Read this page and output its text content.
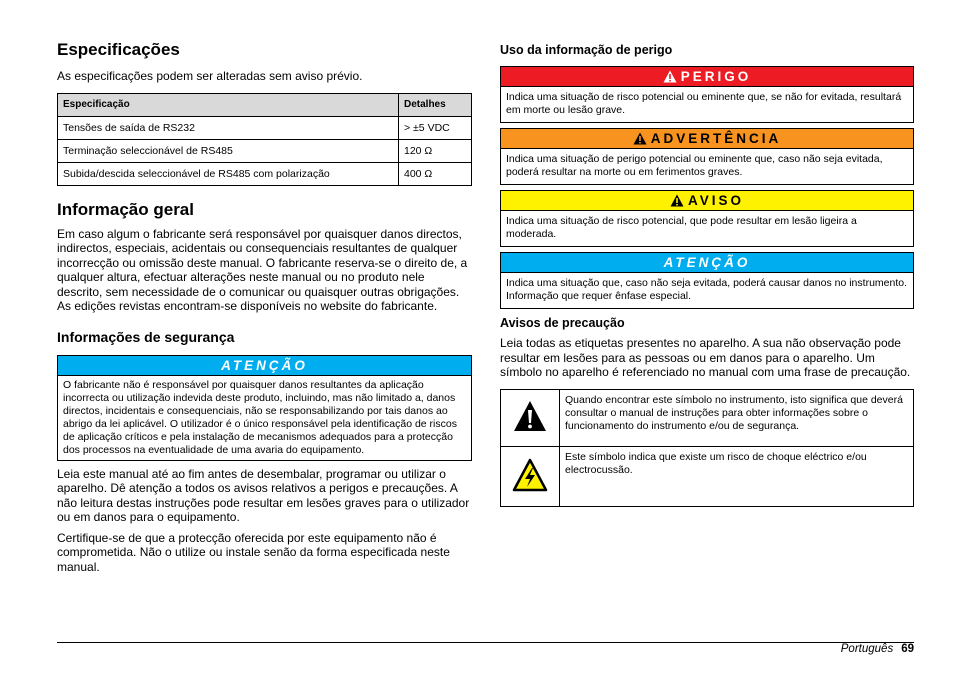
Especificações

As especificações podem ser alteradas sem aviso prévio.

Especificação	Detalhes
Tensões de saída de RS232	> ±5 VDC
Terminação seleccionável de RS485	120 Ω
Subida/descida seleccionável de RS485 com polarização	400 Ω
Informação geral

Em caso algum o fabricante será responsável por quaisquer danos directos, indirectos, especiais, acidentais ou consequenciais resultantes de qualquer incorrecção ou omissão deste manual. O fabricante reserva-se o direito de, a qualquer altura, efectuar alterações neste manual ou no produto nele descrito, sem necessidade de o comunicar ou quaisquer outras obrigações. As edições revistas encontram-se disponíveis no website do fabricante.

Informações de segurança
ATENÇÃO
O fabricante não é responsável por quaisquer danos resultantes da aplicação incorrecta ou utilização indevida deste produto, incluindo, mas não limitado a, danos directos, incidentais e consequenciais, não se responsabilizando por tais danos ao abrigo da lei aplicável. O utilizador é o único responsável pela identificação de riscos de aplicação críticos e pela instalação de mecanismos adequados para a protecção dos processos na eventualidade de uma avaria do equipamento.

Leia este manual até ao fim antes de desembalar, programar ou utilizar o aparelho. Dê atenção a todos os avisos relativos a perigos e precauções. A não leitura destas instruções pode resultar em lesões graves para o utilizador ou em danos para o equipamento.

Certifique-se de que a protecção oferecida por este equipamento não é comprometida. Não o utilize ou instale senão da forma especificada neste manual.

Uso da informação de perigo
PERIGO
Indica uma situação de risco potencial ou eminente que, se não for evitada, resultará em morte ou lesão grave.
ADVERTÊNCIA
Indica uma situação de perigo potencial ou eminente que, caso não seja evitada, poderá resultar na morte ou em ferimentos graves.
AVISO
Indica uma situação de risco potencial, que pode resultar em lesão ligeira a moderada.
ATENÇÃO
Indica uma situação que, caso não seja evitada, poderá causar danos no instrumento. Informação que requer ênfase especial.
Avisos de precaução

Leia todas as etiquetas presentes no aparelho. A sua não observação pode resultar em lesões para as pessoas ou em danos para o aparelho. Um símbolo no aparelho é referenciado no manual com uma frase de precaução.

	Quando encontrar este símbolo no instrumento, isto significa que deverá consultar o manual de instruções para obter informações sobre o funcionamento do instrumento e/ou de segurança.
	Este símbolo indica que existe um risco de choque eléctrico e/ou electrocussão.
Português 69
